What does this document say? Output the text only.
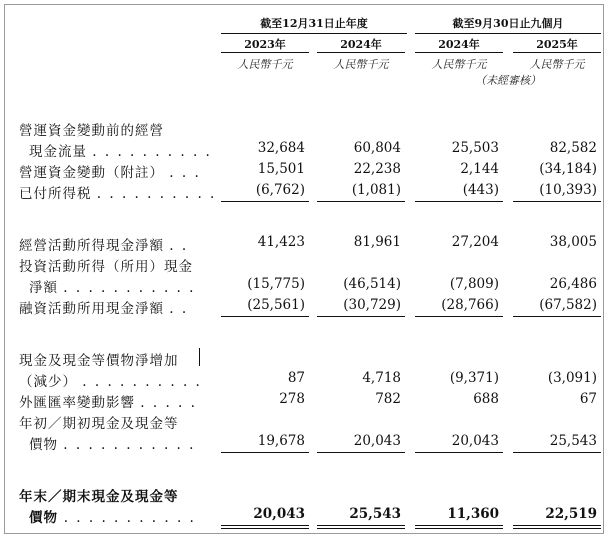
截至12月31日止年度	截至9月30日止九個月
2023年	2024年	2024年	2025年
人民幣千元	人民幣千元	人民幣千元	人民幣千元
（未經審核）
營運資金變動前的經營
現金流量 . . . . . . . . . .	32,684	60,804	25,503	82,582
營運資金變動（附註） . . .	15,501	22,238	2,144	(34,184)
已付所得税 . . . . . . . . . .	(6,762)	(1,081)	(443)	(10,393)
經營活動所得現金淨額 . .	41,423	81,961	27,204	38,005
投資活動所得（所用）現金
淨額 . . . . . . . . . . .	(15,775)	(46,514)	(7,809)	26,486
融資活動所用現金淨額 . .	(25,561)	(30,729)	(28,766)	(67,582)
現金及現金等價物淨增加
（減少） . . . . . . . . . .	87	4,718	(9,371)	(3,091)
外匯匯率變動影響 . . . . .	278	782	688	67
年初／期初現金及現金等
價物 . . . . . . . . . . .	19,678	20,043	20,043	25,543
年末／期末現金及現金等
價物 . . . . . . . . . . .	20,043	25,543	11,360	22,519
